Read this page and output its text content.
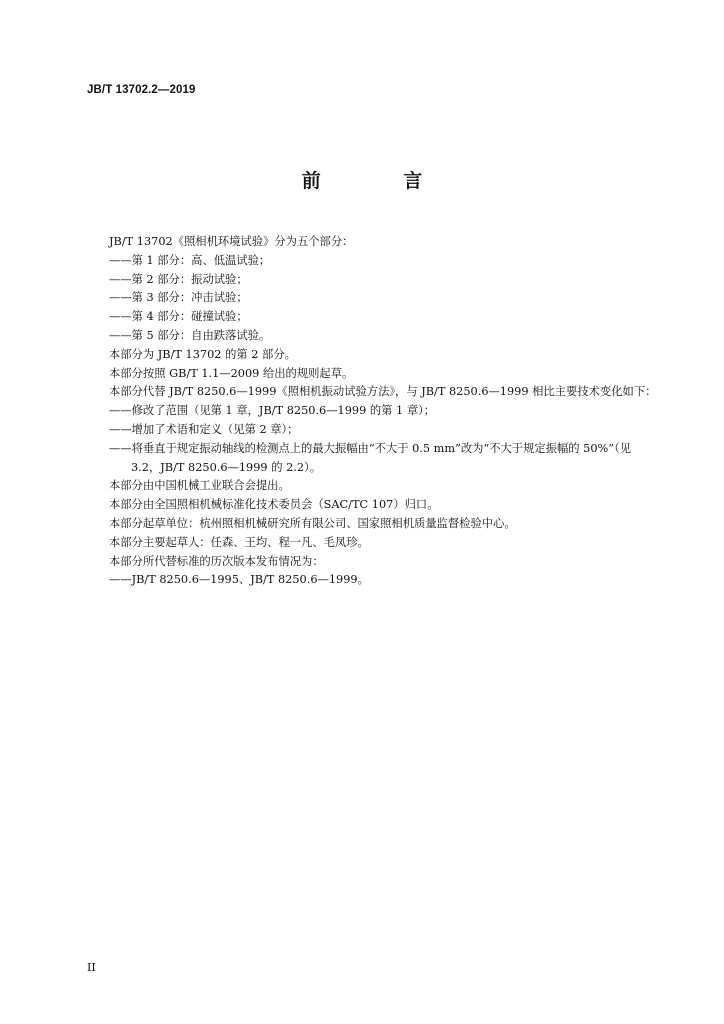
JB/T 13702.2—2019
前 言

JB/T 13702《照相机环境试验》分为五个部分：

——第 1 部分：高、低温试验；

——第 2 部分：振动试验；

——第 3 部分：冲击试验；

——第 4 部分：碰撞试验；

——第 5 部分：自由跌落试验。

本部分为 JB/T 13702 的第 2 部分。

本部分按照 GB/T 1.1—2009 给出的规则起草。

本部分代替 JB/T 8250.6—1999《照相机振动试验方法》，与 JB/T 8250.6—1999 相比主要技术变化如下：

——修改了范围（见第 1 章，JB/T 8250.6—1999 的第 1 章）；

——增加了术语和定义（见第 2 章）；

——将垂直于规定振动轴线的检测点上的最大振幅由“不大于 0.5 mm”改为“不大于规定振幅的 50%”（见 3.2，JB/T 8250.6—1999 的 2.2）。

本部分由中国机械工业联合会提出。

本部分由全国照相机械标准化技术委员会（SAC/TC 107）归口。

本部分起草单位：杭州照相机械研究所有限公司、国家照相机质量监督检验中心。

本部分主要起草人：任森、王均、程一凡、毛凤珍。

本部分所代替标准的历次版本发布情况为：

——JB/T 8250.6—1995、JB/T 8250.6—1999。

II
